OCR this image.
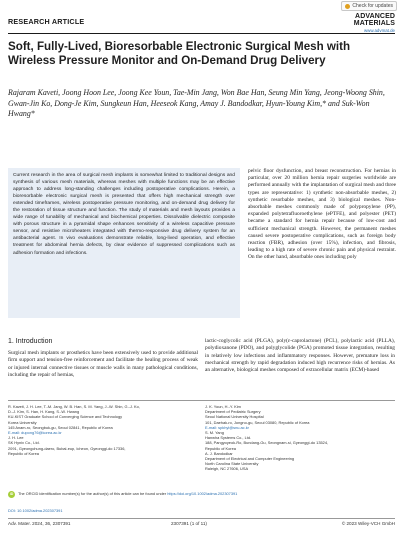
Check for updates
RESEARCH ARTICLE
ADVANCED
MATERIALS
www.advmat.de
Soft, Fully-Lived, Bioresorbable Electronic Surgical Mesh with Wireless Pressure Monitor and On-Demand Drug Delivery
Rajaram Kaveti, Joong Hoon Lee, Joong Kee Youn, Tae-Min Jang, Won Bae Han, Seung Min Yang, Jeong-Woong Shin, Gwan-Jin Ko, Dong-Je Kim, Sungkeun Han, Heeseok Kang, Amay J. Bandodkar, Hyun-Young Kim,* and Suk-Won Hwang*

Current research in the area of surgical mesh implants is somewhat limited to traditional designs and synthesis of various mesh materials, whereas meshes with multiple functions may be an effective approach to address long-standing challenges including postoperative complications. Herein, a bioresorbable electronic surgical mesh is presented that offers high mechanical strength over extended timeframes, wireless postoperative pressure monitoring, and on-demand drug delivery for the restoration of tissue structure and function. The study of materials and mesh layouts provides a wide range of tunability of mechanical and biochemical properties. Dissolvable dielectric composite with porous structure in a pyramidal shape enhances sensitivity of a wireless capacitive pressure sensor, and resistive microheaters integrated with thermo-responsive drug delivery system for an antibacterial agent. In vivo evaluations demonstrate reliable, long-lived operation, and effective treatment for abdominal hernia defects, by clear evidence of suppressed complications such as adhesion formation and infections.

pelvic floor dysfunction, and breast reconstruction. For hernias in particular, over 20 million hernia repair surgeries worldwide are performed annually with the implantation of surgical mesh and three types are representative: 1) synthetic non-absorbable meshes, 2) synthetic resorbable meshes, and 3) biological meshes. Non-absorbable meshes commonly made of polypropylene (PP), expanded polytetrafluoroethylene (ePTFE), and polyester (PET) became a standard for hernia repair because of low-cost and sufficient mechanical strength. However, the permanent meshes caused severe postoperative complications, such as foreign body reaction (FBR), adhesion (over 15%), infection, and fibrosis, leading to a high rate of severe chronic pain and physical restraint. On the other hand, absorbable ones including poly
1. Introduction
Surgical mesh implants or prosthetics have been extensively used to provide additional firm support and tension-free reinforcement and facilitate the healing process of weak or injured internal connective tissues or muscle walls in many pathological conditions, including the repair of hernias,
lactic-coglycolic acid (PLGA), poly(ε-caprolactone) (PCL), polylactic acid (PLLA), polydioxanone (PDO), and polyglycolide (PGA) promoted tissue integration, resulting in relatively low infections and inflammatory responses. However, premature loss in mechanical strength by rapid degradation induced high recurrence risks of hernias. As an alternative, biological meshes composed of extracellular matrix (ECM)-based
R. Kaveti, J. H. Lee, T.-M. Jang, W. B. Han, S. M. Yang, J.-W. Shin, G.-J. Ko,
D.-J. Kim, S. Han, H. Kang, S.-W. Hwang
KU-KIST Graduate School of Converging Science and Technology
Korea University
145 Anam-ro, Seongbuk-gu, Seoul 02841, Republic of Korea
E-mail: dupong76@korea.ac.kr
J. H. Lee
SK Hynix Co., Ltd.
2091, Gyeongchung-daero, Bubal-eup, Icheon, Gyeonggi-do 17336,
Republic of Korea
J. K. Youn, H.-Y. Kim
Department of Pediatric Surgery
Seoul National University Hospital
101, Daehak-ro, Jongno-gu, Seoul 03080, Republic of Korea
E-mail: spkhyl@snu.ac.kr
S. M. Yang
Hanwha Systems Co., Ltd.
188, Pangyoyeok-Ro, Bundang-Gu, Seongnam-si, Gyeonggi-do 13524,
Republic of Korea
A. J. Bandodkar
Department of Electrical and Computer Engineering
North Carolina State University
Raleigh, NC 27606, USA
iD	The ORCID identification number(s) for the author(s) of this article can be found under https://doi.org/10.1002/adma.202307391
DOI: 10.1002/adma.202307391
Adv. Mater. 2024, 36, 2307391	2307391 (1 of 11)	© 2023 Wiley-VCH GmbH
